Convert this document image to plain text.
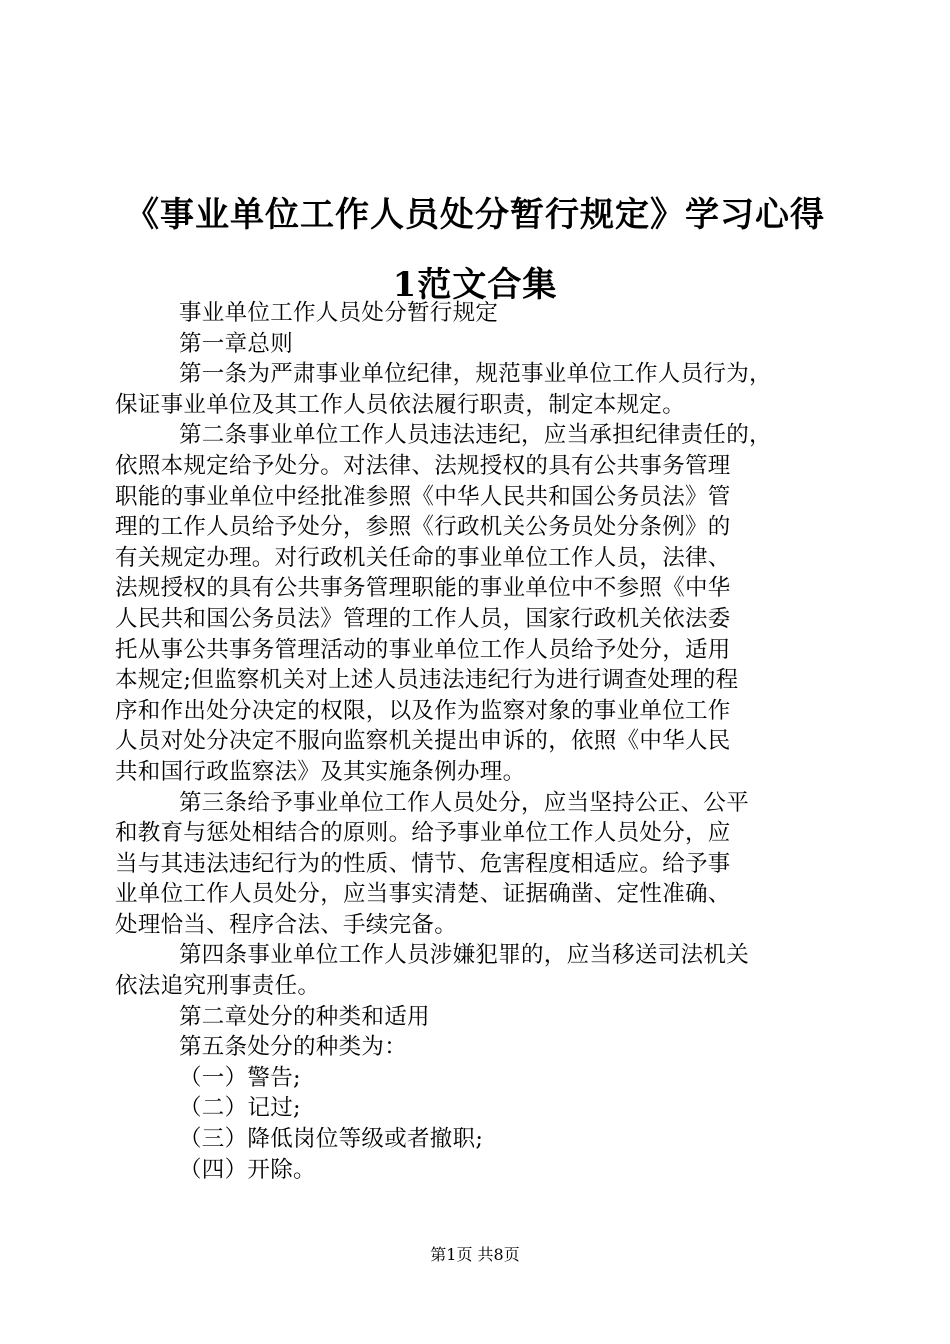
《事业单位工作人员处分暂行规定》学习心得
1范文合集
事业单位工作人员处分暂行规定
第一章总则
第一条为严肃事业单位纪律，规范事业单位工作人员行为，
保证事业单位及其工作人员依法履行职责，制定本规定。
第二条事业单位工作人员违法违纪，应当承担纪律责任的，
依照本规定给予处分。对法律、法规授权的具有公共事务管理
职能的事业单位中经批准参照《中华人民共和国公务员法》管
理的工作人员给予处分，参照《行政机关公务员处分条例》的
有关规定办理。对行政机关任命的事业单位工作人员，法律、
法规授权的具有公共事务管理职能的事业单位中不参照《中华
人民共和国公务员法》管理的工作人员，国家行政机关依法委
托从事公共事务管理活动的事业单位工作人员给予处分，适用
本规定;但监察机关对上述人员违法违纪行为进行调查处理的程
序和作出处分决定的权限，以及作为监察对象的事业单位工作
人员对处分决定不服向监察机关提出申诉的，依照《中华人民
共和国行政监察法》及其实施条例办理。
第三条给予事业单位工作人员处分，应当坚持公正、公平
和教育与惩处相结合的原则。给予事业单位工作人员处分，应
当与其违法违纪行为的性质、情节、危害程度相适应。给予事
业单位工作人员处分，应当事实清楚、证据确凿、定性准确、
处理恰当、程序合法、手续完备。
第四条事业单位工作人员涉嫌犯罪的，应当移送司法机关
依法追究刑事责任。
第二章处分的种类和适用
第五条处分的种类为：
（一）警告;
（二）记过;
（三）降低岗位等级或者撤职;
（四）开除。
第1页 共8页
